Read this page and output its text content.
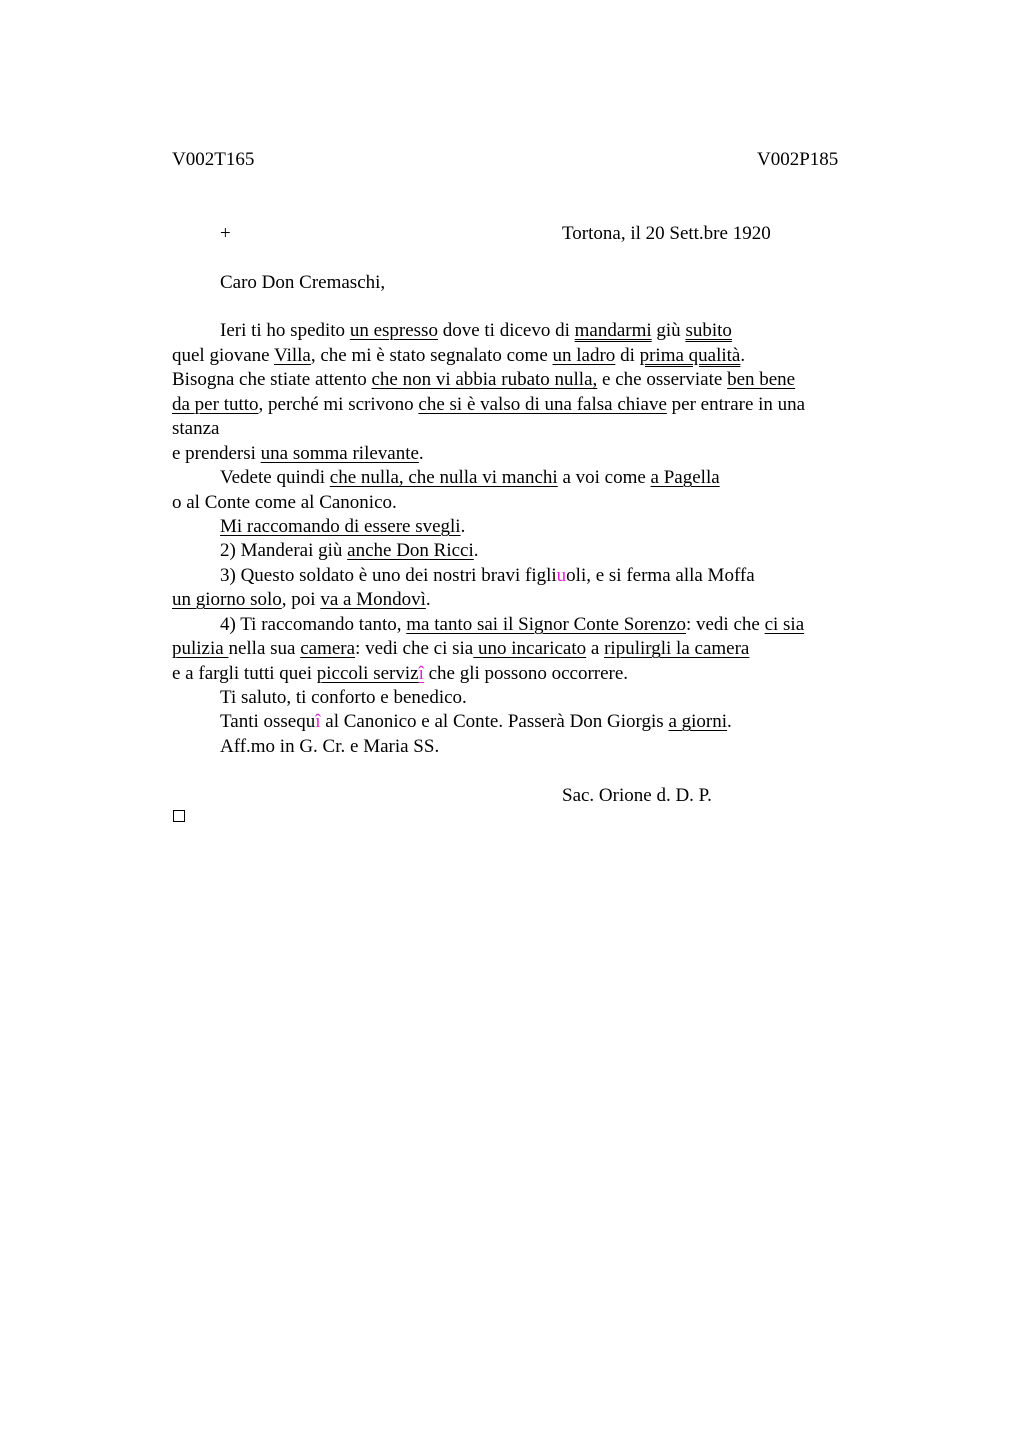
V002T165	V002P185
+	Tortona, il 20 Sett.bre 1920
Caro Don Cremaschi,
Ieri ti ho spedito un espresso dove ti dicevo di mandarmi giù subito
quel giovane Villa, che mi è stato segnalato come un ladro di prima qualità.
Bisogna che stiate attento che non vi abbia rubato nulla, e che osserviate ben bene
da per tutto, perché mi scrivono che si è valso di una falsa chiave per entrare in una
stanza
e prendersi una somma rilevante.
Vedete quindi che nulla, che nulla vi manchi a voi come a Pagella
o al Conte come al Canonico.
Mi raccomando di essere svegli.
2) Manderai giù anche Don Ricci.
3) Questo soldato è uno dei nostri bravi figliuoli, e si ferma alla Moffa
un giorno solo, poi va a Mondovì.
4) Ti raccomando tanto, ma tanto sai il Signor Conte Sorenzo: vedi che ci sia
pulizia nella sua camera: vedi che ci sia uno incaricato a ripulirgli la camera
e a fargli tutti quei piccoli servizî che gli possono occorrere.
Ti saluto, ti conforto e benedico.
Tanti ossequî al Canonico e al Conte. Passerà Don Giorgis a giorni.
Aff.mo in G. Cr. e Maria SS.
Sac. Orione d. D. P.
